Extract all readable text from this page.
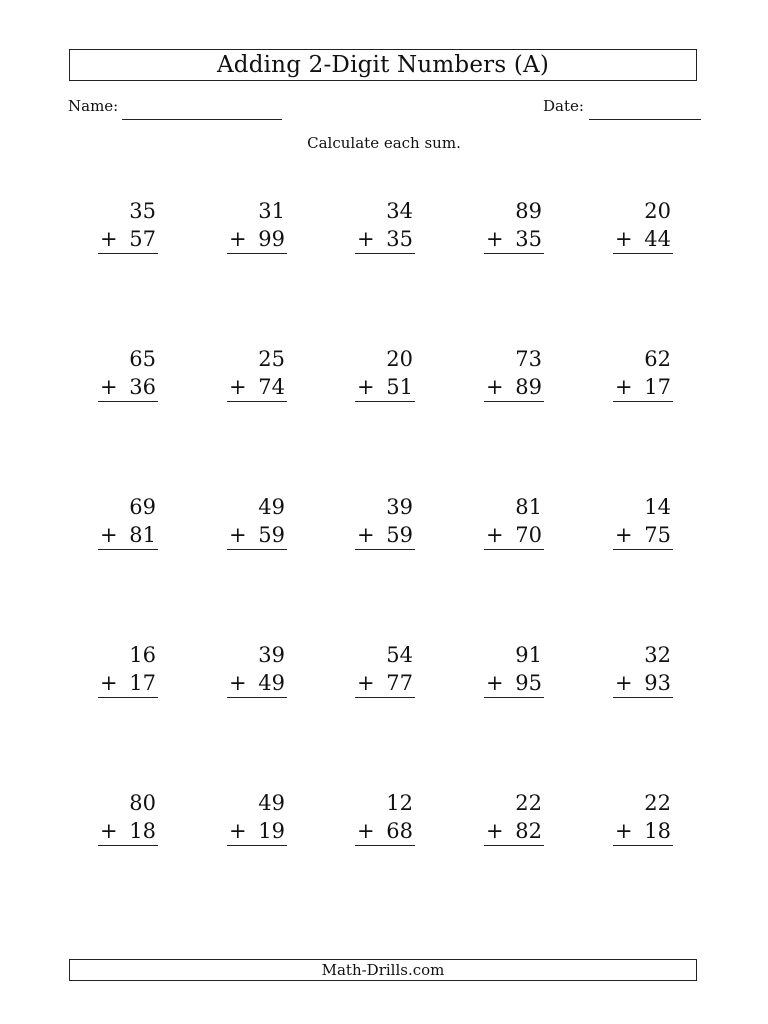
Adding 2-Digit Numbers (A)
Name:	Date:
Calculate each sum.
35
+ 57
31
+ 99
34
+ 35
89
+ 35
20
+ 44
65
+ 36
25
+ 74
20
+ 51
73
+ 89
62
+ 17
69
+ 81
49
+ 59
39
+ 59
81
+ 70
14
+ 75
16
+ 17
39
+ 49
54
+ 77
91
+ 95
32
+ 93
80
+ 18
49
+ 19
12
+ 68
22
+ 82
22
+ 18
Math-Drills.com
